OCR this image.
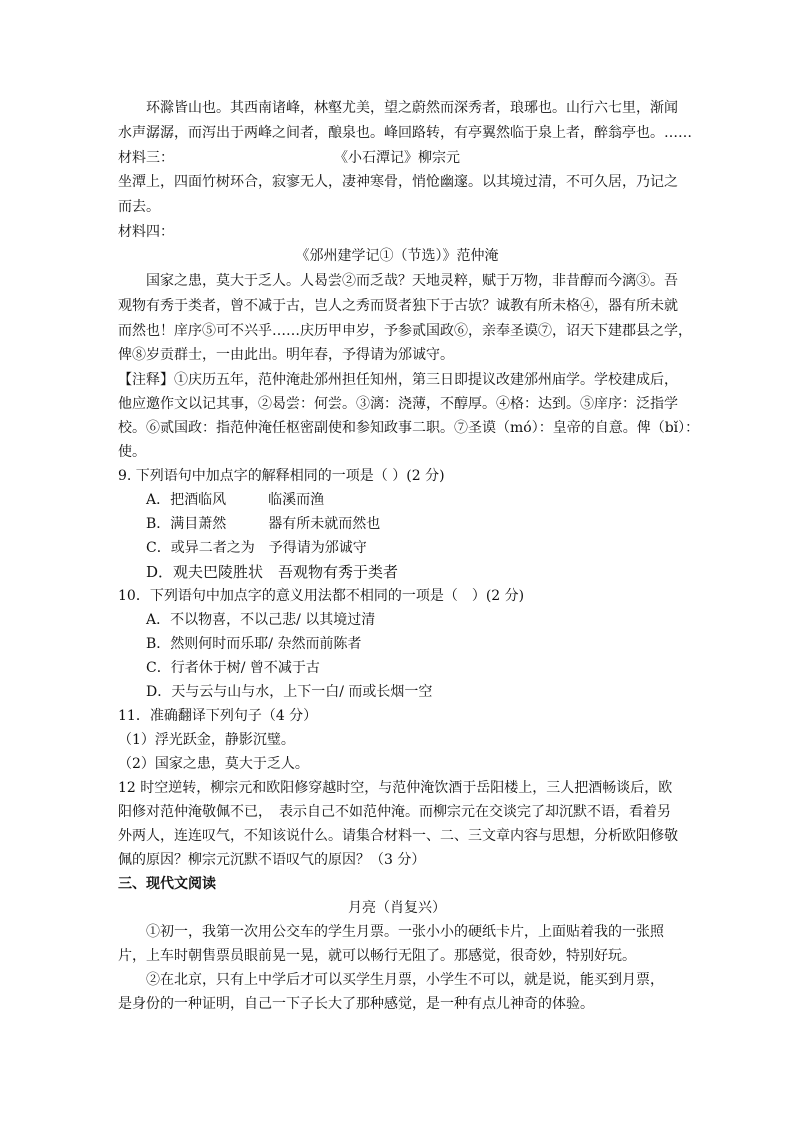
环滁皆山也。其西南诸峰，林壑尤美，望之蔚然而深秀者，琅琊也。山行六七里，渐闻
水声潺潺，而泻出于两峰之间者，酿泉也。峰回路转，有亭翼然临于泉上者，醉翁亭也。……
材料三：	《小石潭记》柳宗元
坐潭上，四面竹树环合，寂寥无人，凄神寒骨，悄怆幽邃。以其境过清，不可久居，乃记之
而去。
材料四：
《邠州建学记①（节选）》范仲淹
国家之患，莫大于乏人。人曷尝②而乏哉？天地灵粹，赋于万物，非昔醇而今漓③。吾
观物有秀于类者，曾不减于古，岂人之秀而贤者独下于古欤？诚教有所未格④，器有所未就
而然也！庠序⑤可不兴乎……庆历甲申岁，予参贰国政⑥，亲奉圣谟⑦，诏天下建郡县之学，
俾⑧岁贡群士，一由此出。明年春，予得请为邠诚守。
【注释】①庆历五年，范仲淹赴邠州担任知州，第三日即提议改建邠州庙学。学校建成后，
他应邀作文以记其事，②曷尝：何尝。③漓：浇薄，不醇厚。④格：达到。⑤庠序：泛指学
校。⑥贰国政：指范仲淹任枢密副使和参知政事二职。⑦圣谟（mó）：皇帝的自意。俾（bǐ）：
使。
9. 下列语句中加点字的解释相同的一项是（ ）(2 分)
A．把酒临风　　　临溪而渔
B．满目萧然　　　器有所未就而然也
C．或异二者之为　予得请为邠诚守
D．观夫巴陵胜状　吾观物有秀于类者
10．下列语句中加点字的意义用法都不相同的一项是（　）(2 分)
A．不以物喜，不以己悲/ 以其境过清
B．然则何时而乐耶/ 杂然而前陈者
C．行者休于树/ 曾不减于古
D．天与云与山与水，上下一白/ 而或长烟一空
11．准确翻译下列句子（4 分）
（1）浮光跃金，静影沉璧。
（2）国家之患，莫大于乏人。
12 时空逆转，柳宗元和欧阳修穿越时空，与范仲淹饮酒于岳阳楼上，三人把酒畅谈后，欧
阳修对范仲淹敬佩不已，　表示自己不如范仲淹。而柳宗元在交谈完了却沉默不语，看着另
外两人，连连叹气，不知该说什么。请集合材料一、二、三文章内容与思想，分析欧阳修敬
佩的原因？柳宗元沉默不语叹气的原因？（3 分）
三、现代文阅读
月亮（肖复兴）
①初一，我第一次用公交车的学生月票。一张小小的硬纸卡片，上面贴着我的一张照
片，上车时朝售票员眼前晃一晃，就可以畅行无阻了。那感觉，很奇妙，特别好玩。
②在北京，只有上中学后才可以买学生月票，小学生不可以，就是说，能买到月票，
是身份的一种证明，自己一下子长大了那种感觉，是一种有点儿神奇的体验。
